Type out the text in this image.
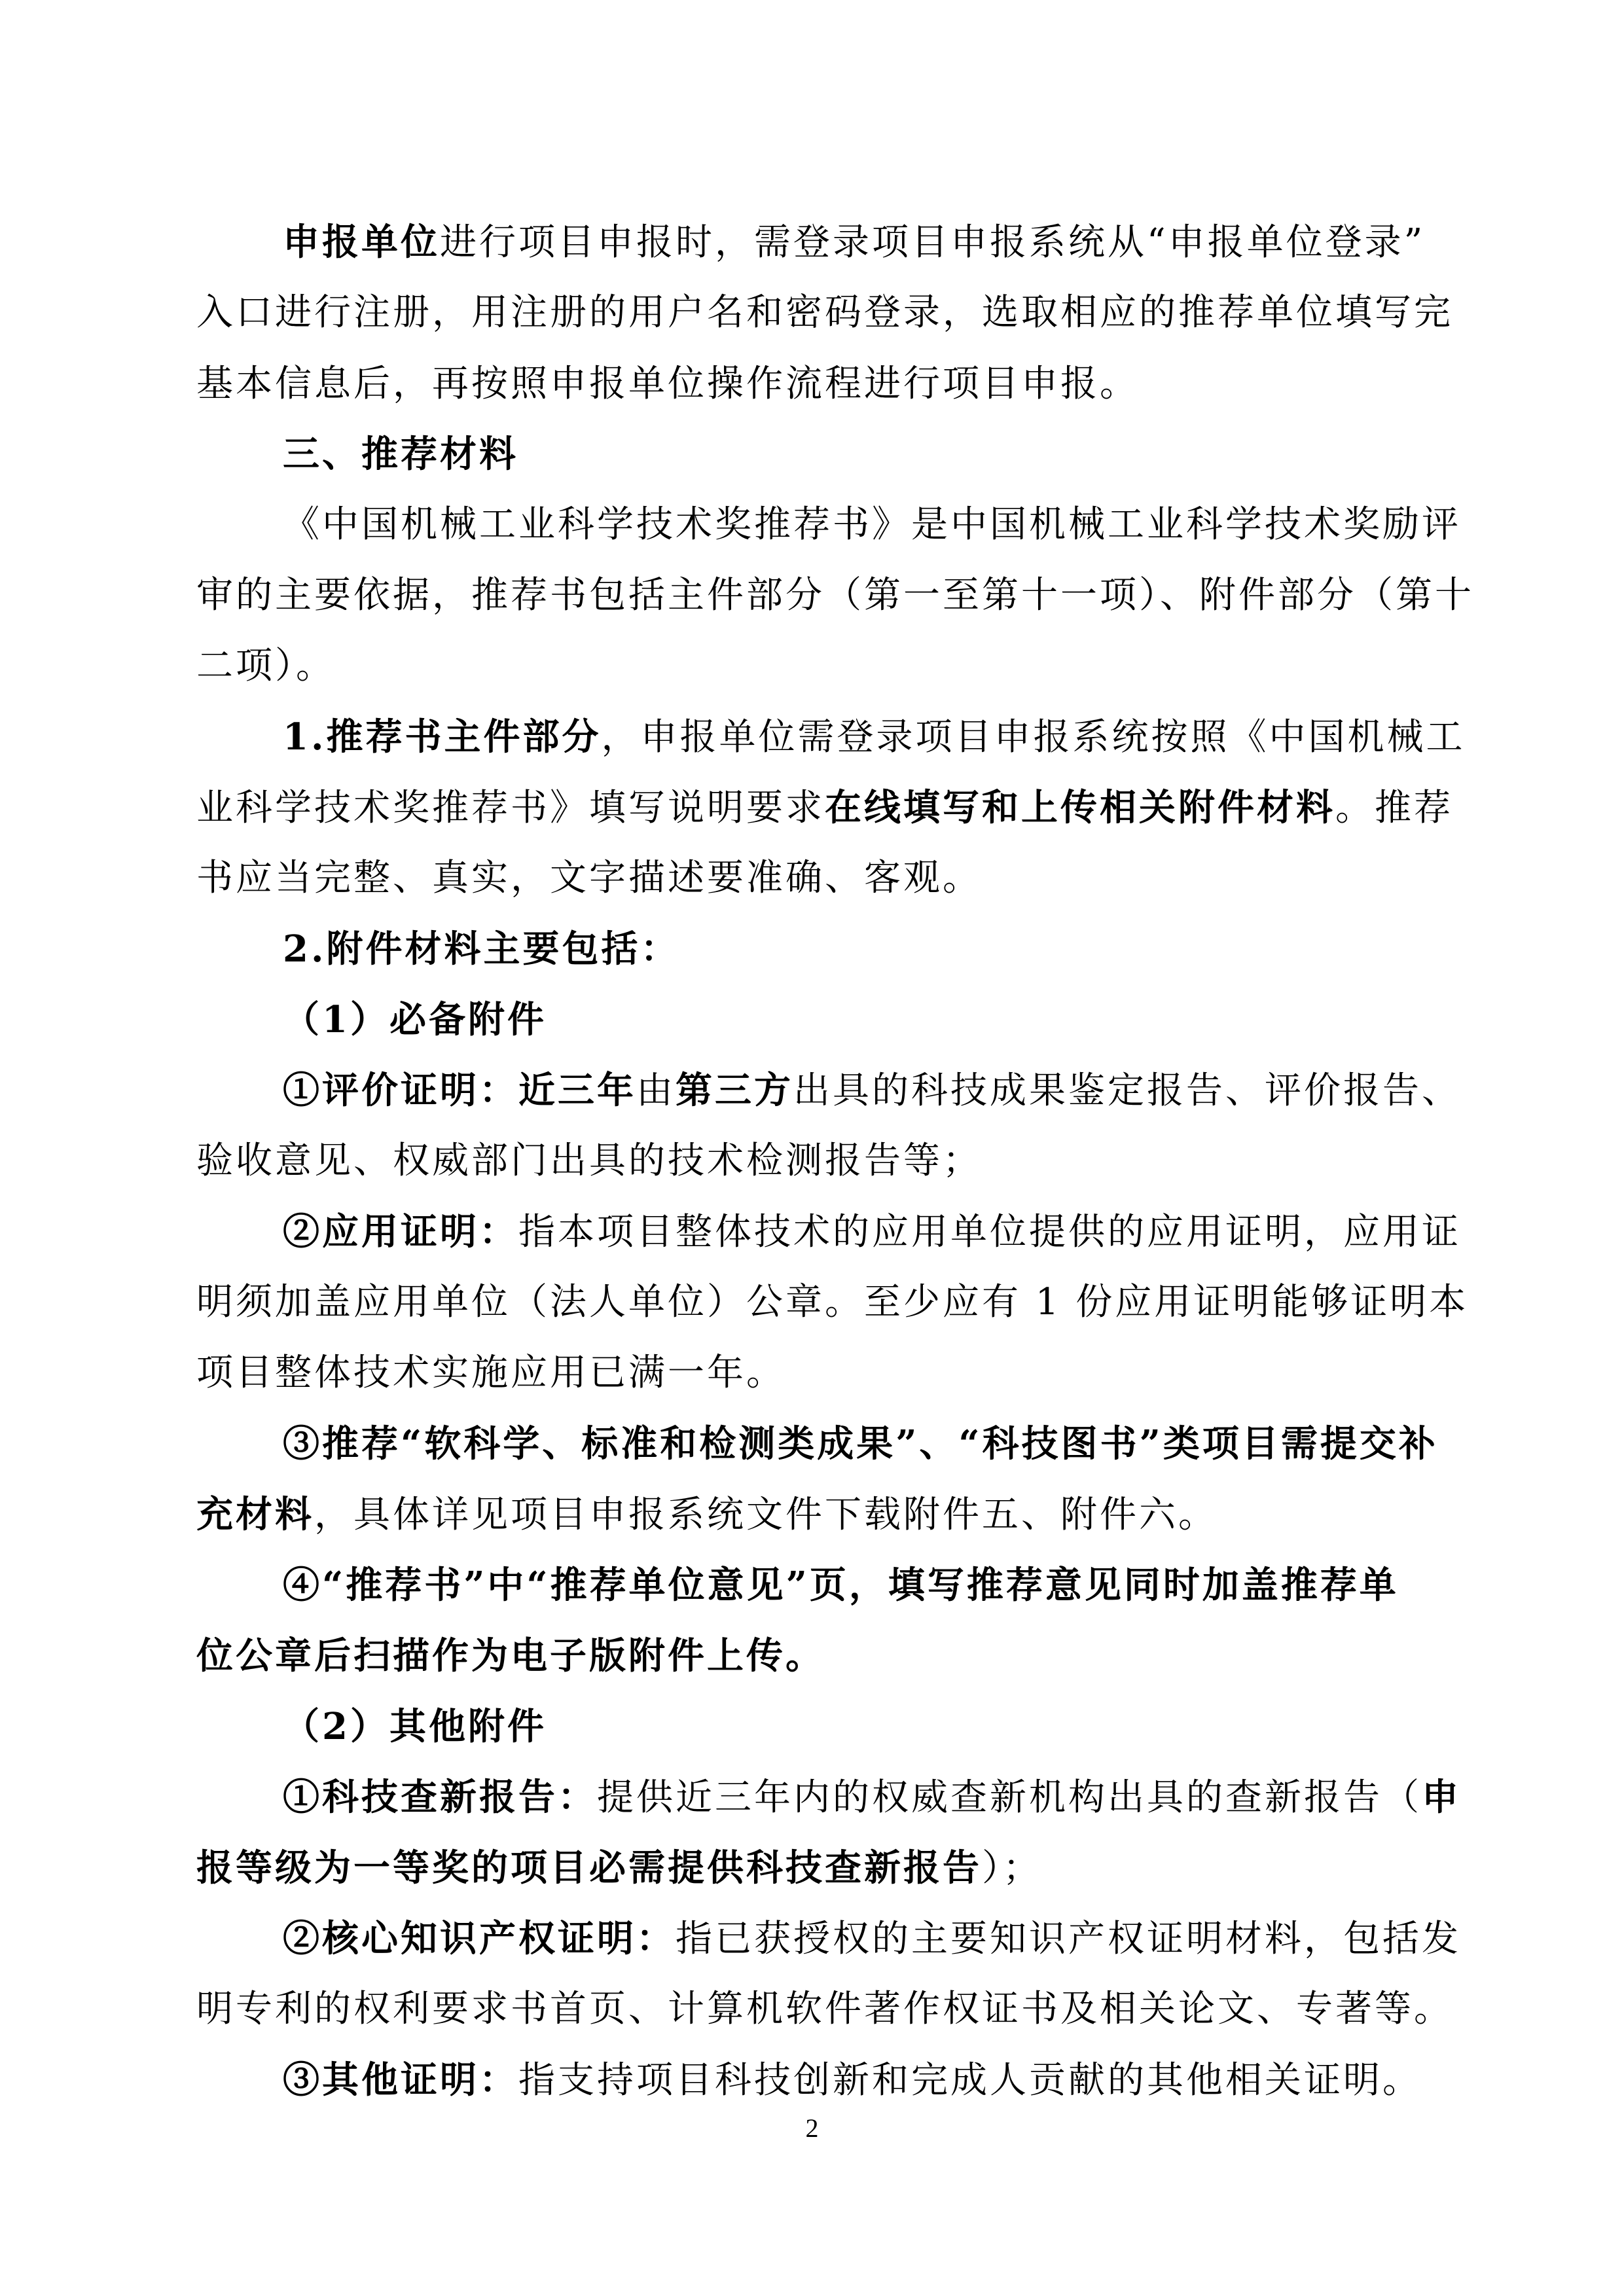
申报单位进行项目申报时，需登录项目申报系统从“申报单位登录”
入口进行注册，用注册的用户名和密码登录，选取相应的推荐单位填写完
基本信息后，再按照申报单位操作流程进行项目申报。
三、推荐材料
《中国机械工业科学技术奖推荐书》是中国机械工业科学技术奖励评
审的主要依据，推荐书包括主件部分（第一至第十一项）、附件部分（第十
二项）。
1.推荐书主件部分，申报单位需登录项目申报系统按照《中国机械工
业科学技术奖推荐书》填写说明要求在线填写和上传相关附件材料。推荐
书应当完整、真实，文字描述要准确、客观。
2.附件材料主要包括：
（1）必备附件
①评价证明：近三年由第三方出具的科技成果鉴定报告、评价报告、
验收意见、权威部门出具的技术检测报告等；
②应用证明：指本项目整体技术的应用单位提供的应用证明，应用证
明须加盖应用单位（法人单位）公章。至少应有 1 份应用证明能够证明本
项目整体技术实施应用已满一年。
③推荐“软科学、标准和检测类成果”、“科技图书”类项目需提交补
充材料，具体详见项目申报系统文件下载附件五、附件六。
④“推荐书”中“推荐单位意见”页，填写推荐意见同时加盖推荐单
位公章后扫描作为电子版附件上传。
（2）其他附件
①科技查新报告：提供近三年内的权威查新机构出具的查新报告（申
报等级为一等奖的项目必需提供科技查新报告）；
②核心知识产权证明：指已获授权的主要知识产权证明材料，包括发
明专利的权利要求书首页、计算机软件著作权证书及相关论文、专著等。
③其他证明：指支持项目科技创新和完成人贡献的其他相关证明。
2
